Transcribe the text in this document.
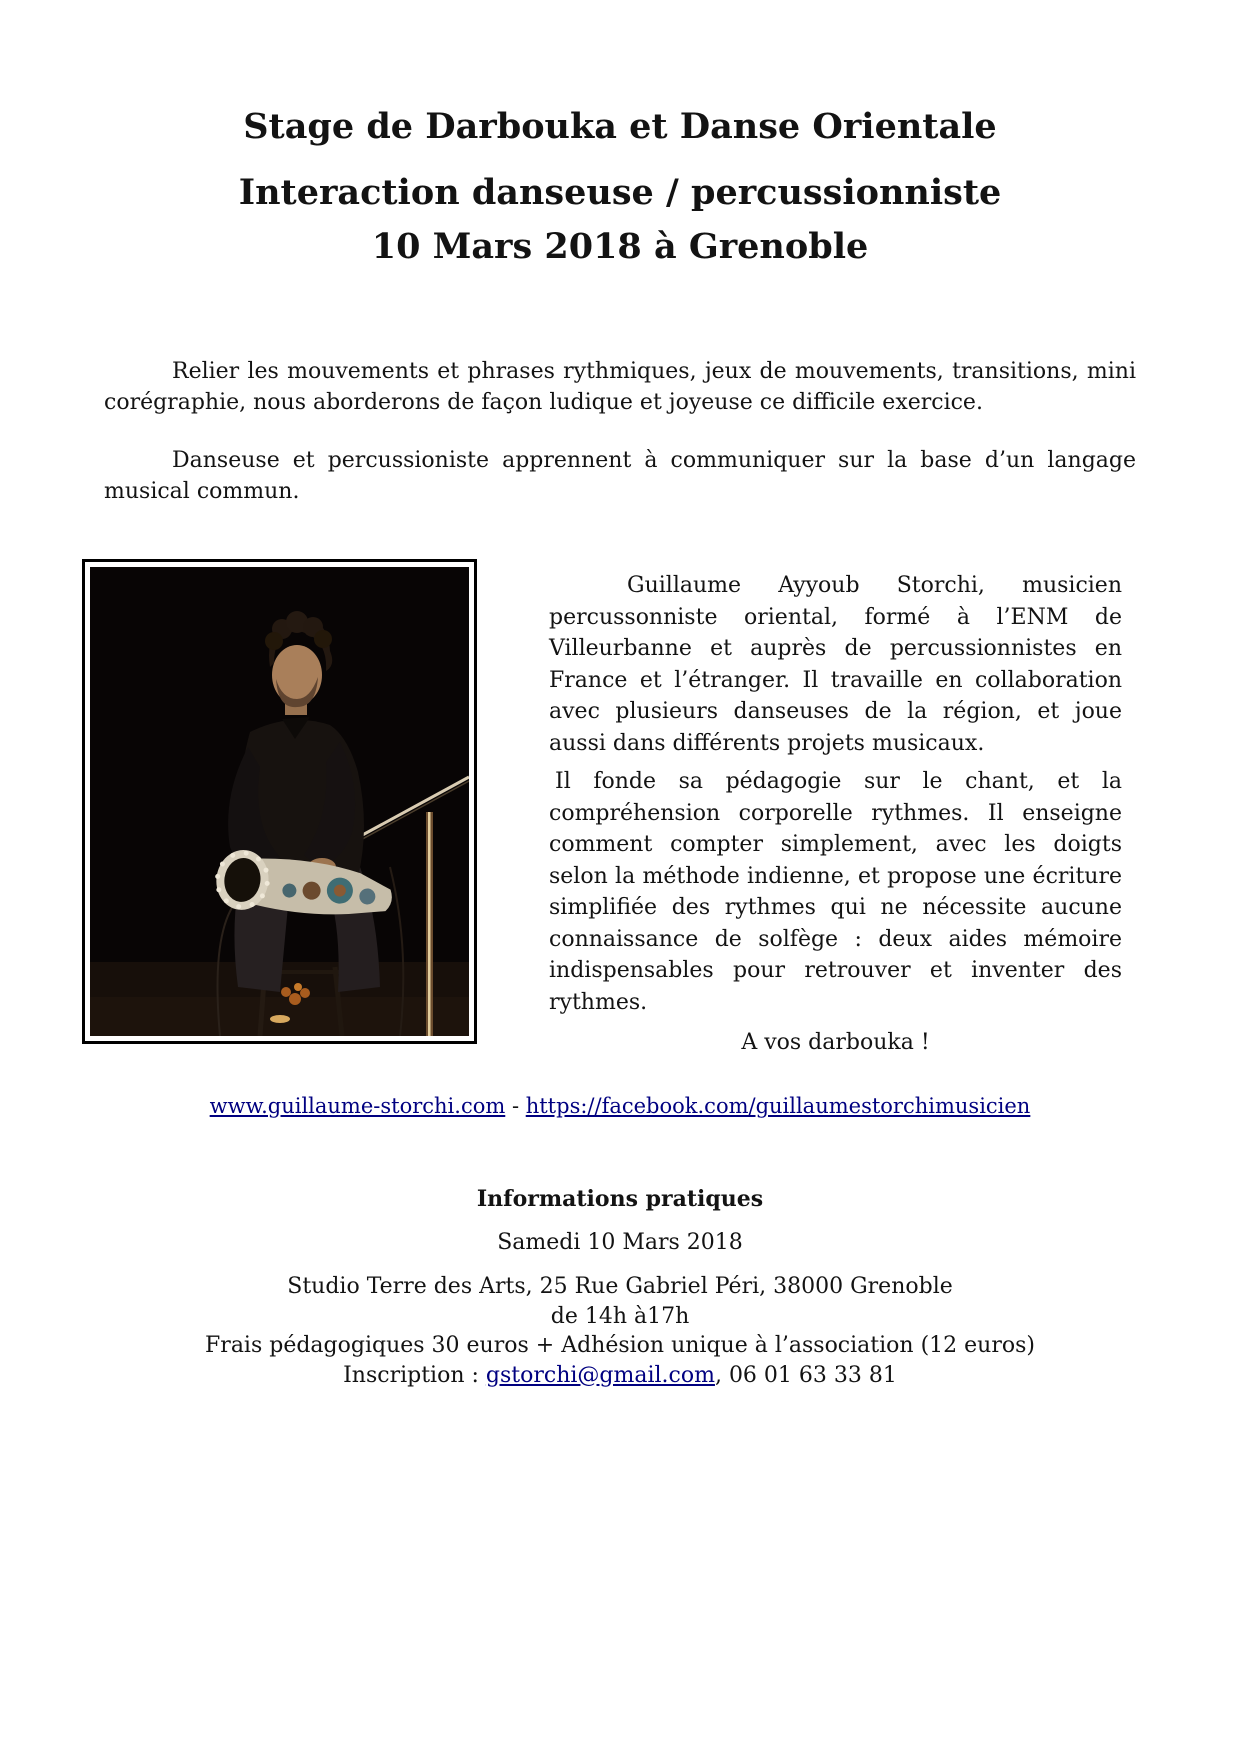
Stage de Darbouka et Danse Orientale
Interaction danseuse / percussionniste
10 Mars 2018 à Grenoble

Relier les mouvements et phrases rythmiques, jeux de mouvements, transitions, mini corégraphie, nous aborderons de façon ludique et joyeuse ce difficile exercice.

Danseuse et percussioniste apprennent à communiquer sur la base d’un langage musical commun.

Guillaume Ayyoub Storchi, musicien percussonniste oriental, formé à l’ENM de Villeurbanne et auprès de percussionnistes en France et l’étranger. Il travaille en collaboration avec plusieurs danseuses de la région, et joue aussi dans différents projets musicaux.

Il fonde sa pédagogie sur le chant, et la compréhension corporelle rythmes. Il enseigne comment compter simplement, avec les doigts selon la méthode indienne, et propose une écriture simplifiée des rythmes qui ne nécessite aucune connaissance de solfège : deux aides mémoire indispensables pour retrouver et inventer des rythmes.

A vos darbouka !
www.guillaume-storchi.com - https://facebook.com/guillaumestorchimusicien
Informations pratiques
Samedi 10 Mars 2018
Studio Terre des Arts, 25 Rue Gabriel Péri, 38000 Grenoble
de 14h à17h
Frais pédagogiques 30 euros + Adhésion unique à l’association (12 euros)
Inscription : gstorchi@gmail.com, 06 01 63 33 81
